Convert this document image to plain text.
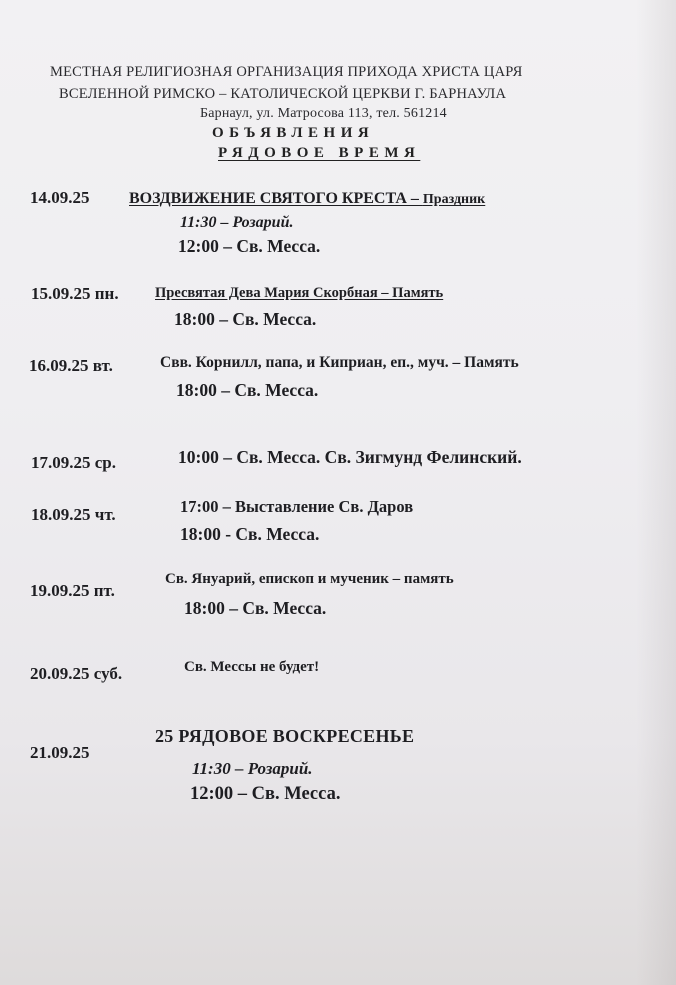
МЕСТНАЯ РЕЛИГИОЗНАЯ ОРГАНИЗАЦИЯ ПРИХОДА ХРИСТА ЦАРЯ

ВСЕЛЕННОЙ РИМСКО – КАТОЛИЧЕСКОЙ ЦЕРКВИ Г. БАРНАУЛА

Барнаул, ул. Матросова 113, тел. 561214

ОБЪЯВЛЕНИЯ

РЯДОВОЕ ВРЕМЯ

14.09.25 ВОЗДВИЖЕНИЕ СВЯТОГО КРЕСТА – Праздник

11:30 – Розарий.

12:00 – Св. Месса.

15.09.25 пн.	Пресвятая Дева Мария Скорбная – Память

18:00 – Св. Месса.

16.09.25 вт.	Свв. Корнилл, папа, и Киприан, еп., муч. – Память

18:00 – Св. Месса.

17.09.25 ср.	10:00 – Св. Месса. Св. Зигмунд Фелинский.

18.09.25 чт.	17:00 – Выставление Св. Даров

18:00 - Св. Месса.

19.09.25 пт.

Св. Януарий, епископ и мученик – память

18:00 – Св. Месса.

20.09.25 суб.	Св. Мессы не будет!

21.09.25

25 РЯДОВОЕ ВОСКРЕСЕНЬЕ

11:30 – Розарий.

12:00 – Св. Месса.
